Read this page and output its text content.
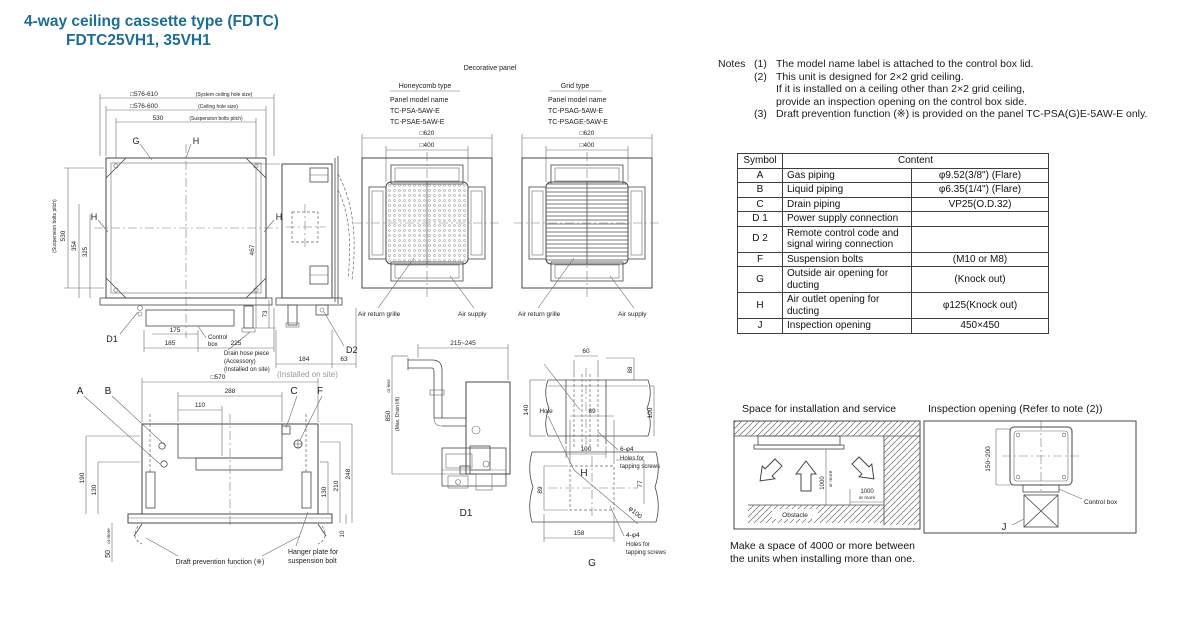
4-way ceiling cassette type (FDTC)
FDTC25VH1, 35VH1
Notes (1) The model name label is attached to the control box lid.
(2) This unit is designed for 2×2 grid ceiling.
If it is installed on a ceiling other than 2×2 grid ceiling,
provide an inspection opening on the control box side.
(3) Draft prevention function (※) is provided on the panel TC-PSA(G)E-5AW-E only.
Symbol	Content	
A	Gas piping	φ9.52(3/8") (Flare)
B	Liquid piping	φ6.35(1/4") (Flare)
C	Drain piping	VP25(O.D.32)
D 1	Power supply connection	
D 2	Remote control code and signal wiring connection	
F	Suspension bolts	(M10 or M8)
G	Outside air opening for ducting	(Knock out)
H	Air outlet opening for ducting	φ125(Knock out)
J	Inspection opening	450×450
□576-610	(System ceiling hole size)
□576-600	(Ceiling hole size)
530	(Suspension bolts pitch)
(Suspension bolts pitch) 530
354
325
G	H
H	H
D1	Control
box
175
185	225
Drain hose piece
(Accessory)
(Installed on site)
467
73
184	63
D2
□570
288
110
A B	C F
190
130
or more
50
248
210
130
10
Draft prevention function (※)
Hanger plate for
suspension bolt
Decorative panel
Honeycomb type
Panel model name
TC-PSA-5AW-E
TC-PSAE-5AW-E
Grid type
Panel model name
TC-PSAG-5AW-E
TC-PSAGE-5AW-E
Air return grille	Air supply
□620
□400
Air return grille	Air supply
□620
□400
215~245
or less
850 (Max. Drain lift)
(Installed on site)
60
88
140	100
100	6-φ4
Holes for
tapping screws
H
D1
Hole	89
89
77
φ100
158	4-φ4
Holes for
tapping screws
G
Space for installation and service
1000 or more
1000
or more
Obstacle
Make a space of 4000 or more between
the units when installing more than one.
Inspection opening (Refer to note (2))
150~200
Control box
J
